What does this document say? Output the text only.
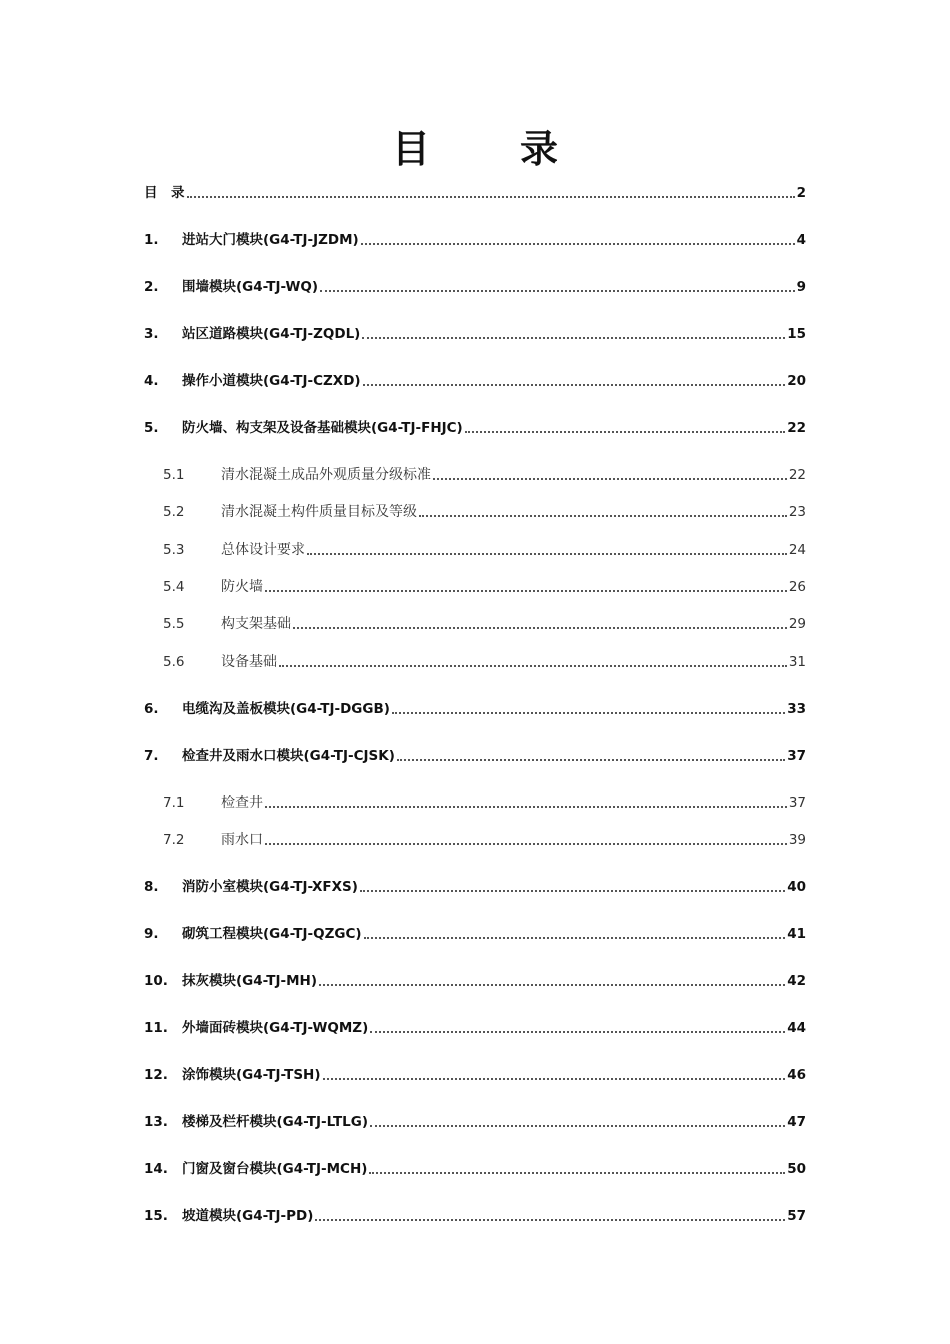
目　录
目　录	2
1.	进站大门模块(G4-TJ-JZDM)	4
2.	围墙模块(G4-TJ-WQ)	9
3.	站区道路模块(G4-TJ-ZQDL)	15
4.	操作小道模块(G4-TJ-CZXD)	20
5.	防火墙、构支架及设备基础模块(G4-TJ-FHJC)	22
5.1	清水混凝土成品外观质量分级标准	22
5.2	清水混凝土构件质量目标及等级	23
5.3	总体设计要求	24
5.4	防火墙	26
5.5	构支架基础	29
5.6	设备基础	31
6.	电缆沟及盖板模块(G4-TJ-DGGB)	33
7.	检查井及雨水口模块(G4-TJ-CJSK)	37
7.1	检查井	37
7.2	雨水口	39
8.	消防小室模块(G4-TJ-XFXS)	40
9.	砌筑工程模块(G4-TJ-QZGC)	41
10.	抹灰模块(G4-TJ-MH)	42
11.	外墙面砖模块(G4-TJ-WQMZ)	44
12.	涂饰模块(G4-TJ-TSH)	46
13.	楼梯及栏杆模块(G4-TJ-LTLG)	47
14.	门窗及窗台模块(G4-TJ-MCH)	50
15.	坡道模块(G4-TJ-PD)	57
